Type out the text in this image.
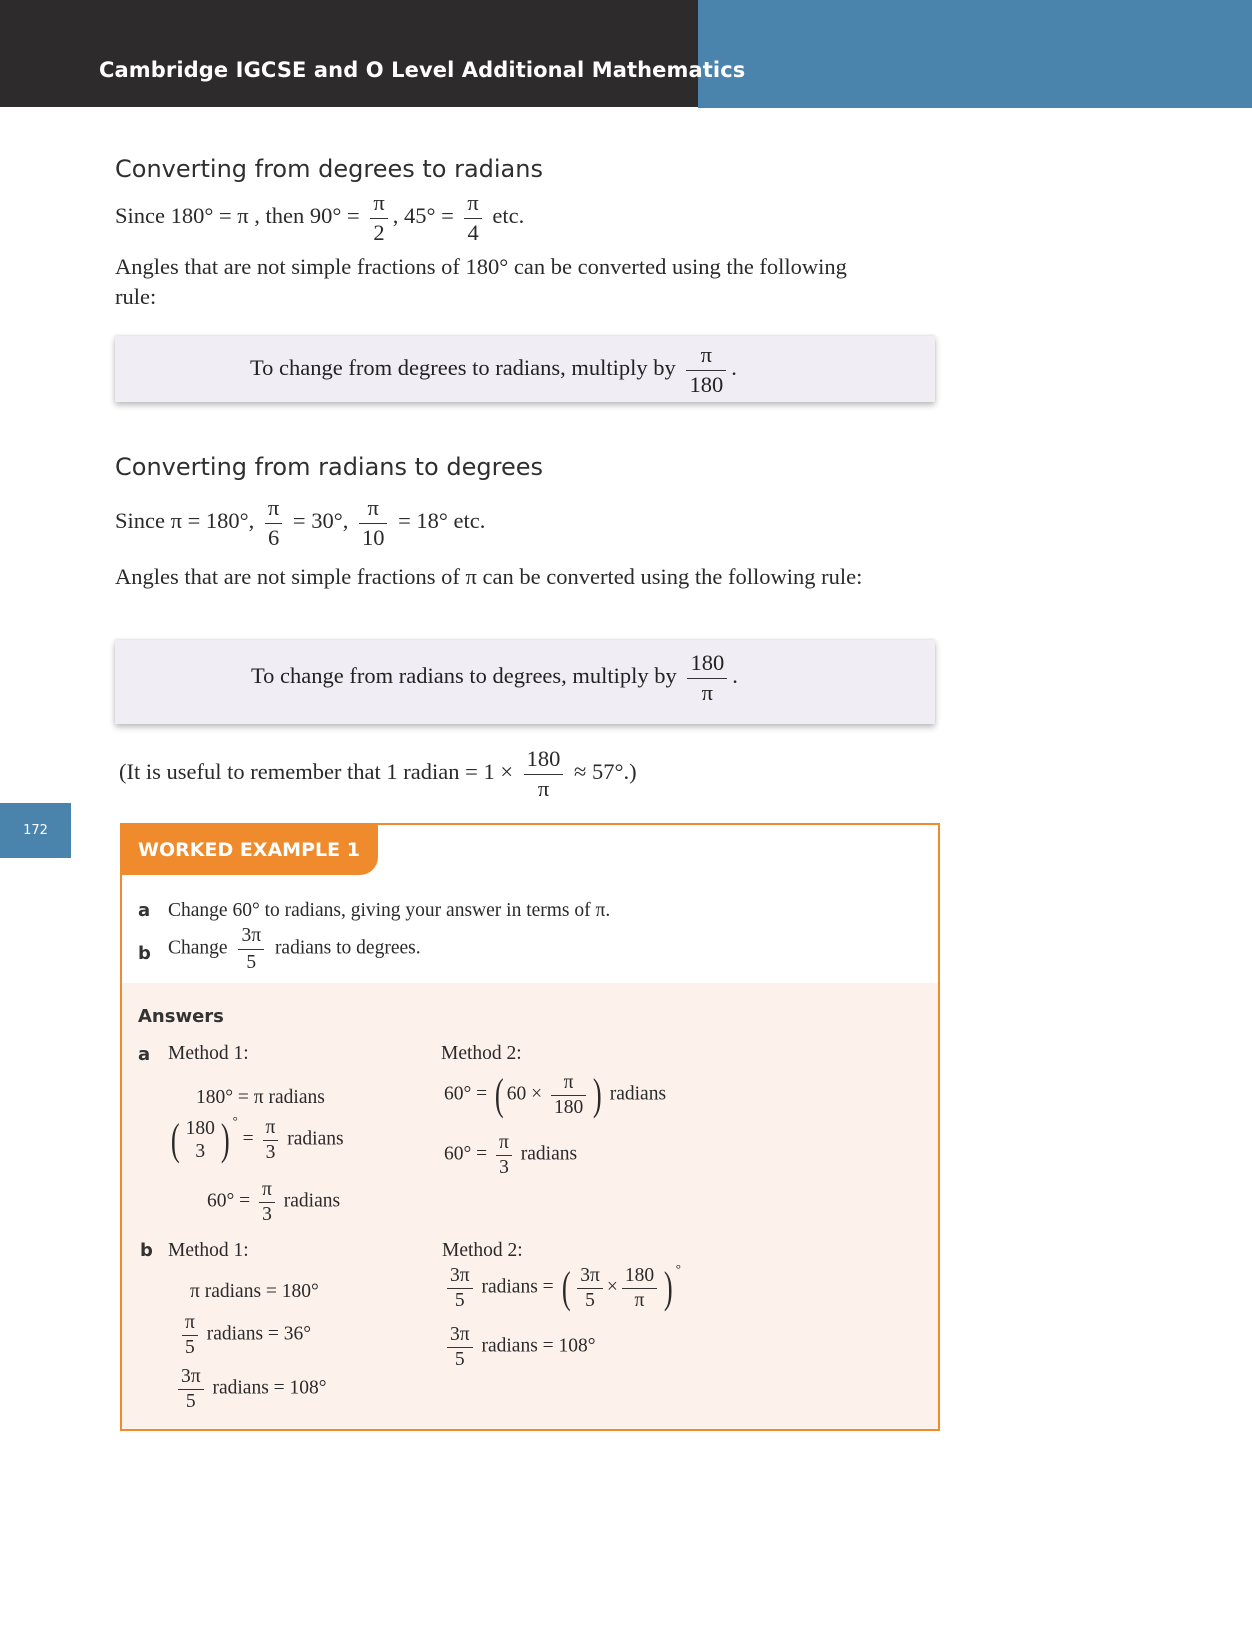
Cambridge IGCSE and O Level Additional Mathematics
Converting from degrees to radians
Since 180° = π , then $90^\circ = \frac{\pi}{2}$ , $45^\circ = \frac{\pi}{4}$ etc.
Angles that are not simple fractions of 180° can be converted using the following rule:
To change from degrees to radians, multiply by $\frac{\pi}{180}$ .
Converting from radians to degrees
Since π = 180°, $\frac{\pi}{6} = 30^\circ$, $\frac{\pi}{10} = 18^\circ$ etc.
Angles that are not simple fractions of π can be converted using the following rule:
To change from radians to degrees, multiply by $\frac{180}{\pi}$ .
(It is useful to remember that 1 radian = $1 \times \frac{180}{\pi} \approx 57^\circ$.)
172
WORKED EXAMPLE 1
a Change 60° to radians, giving your answer in terms of π.
b Change $\frac{3\pi}{5}$ radians to degrees.
Answers
a Method 1:	Method 2:
180° = π radians
( 180
3 ) $^\circ = \frac{\pi}{3}$ radians
$60^\circ = \frac{\pi}{3}$ radians
60° = ( $60 \times \frac{\pi}{180}$ ) radians
$60^\circ = \frac{\pi}{3}$ radians
b Method 1:	Method 2:
π radians = 180°
$\frac{\pi}{5}$ radians = 36°
$\frac{3\pi}{5}$ radians = 108°
$\frac{3\pi}{5}$ radians = ( $\frac{3\pi}{5} \times \frac{180}{\pi}$ ) °
$\frac{3\pi}{5}$ radians = 108°
